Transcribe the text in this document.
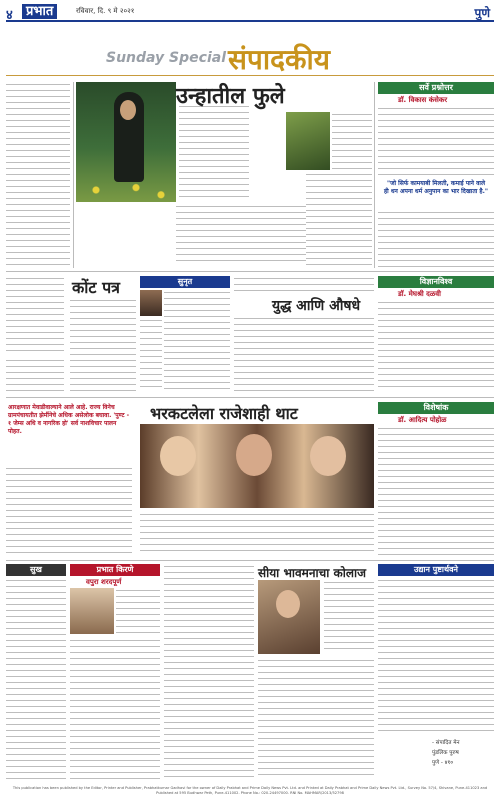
४	प्रभात	रविवार, दि. ९ मे २०२१	पुणे
Sunday Special संपादकीय
उन्हातील फुले	सर्वे प्रश्नोत्तर
डॉ. विकास कंसेकर
"जो सिर्फ कामयाबी मिलती, कमाई पाने वाले ही धन अपना धर्म अनुपान का भार दिखाता है."
कोंट पत्र	सुनृत
युद्ध आणि औषधे
विज्ञानविश्व
डॉ. मेघश्री दळवी
आरक्षणात मेवाडीवाल्याने आले आहे. राज्य विनेच ग्रामपंचायतीत झेर्मीनेचे अधिक असेलोक बघावा. 'पुण्ट - १ जेम्स अधि व नागरिक हो' सर्व नाशविचार पालन पोहत.
भरकटलेला राजेशाही थाट	विशेषांक
डॉ. आदित्य पोहोळ
सुख	प्रभात किरणे
वपुरा शरदपूर्ण
सीया भावमनाचा कोलाज	उद्यान पुष्टार्थवने
- संपादित मेन
पुंडलिक पुरुष
पुणे - ४१०
This publication has been published by the Editor, Printer and Publisher, Prabhatkumar Gadhavi for the owner of Daily Prabhat and Prime Daily News Pvt. Ltd. and Printed at Daily Prabhat and Prime Daily News Pvt. Ltd., Survey No. 57/4, Shivane, Pune-411023 and Published at 595 Budhwar Peth, Pune-411002. Phone No.: 020-24497000. RNI No. MAHMAR/2013/52798
